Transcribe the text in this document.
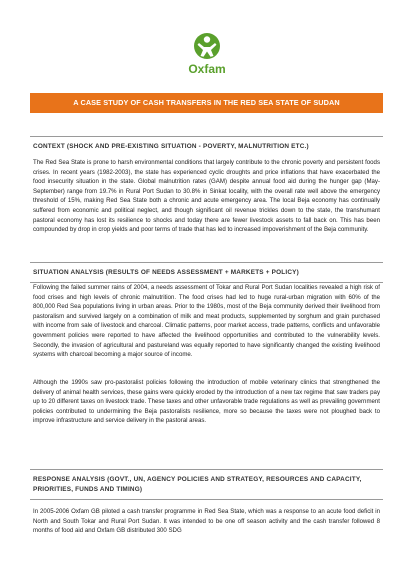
Oxfam
A CASE STUDY OF CASH TRANSFERS IN THE RED SEA STATE OF SUDAN
CONTEXT (SHOCK AND PRE-EXISTING SITUATION - POVERTY, MALNUTRITION ETC.)

The Red Sea State is prone to harsh environmental conditions that largely contribute to the chronic poverty and persistent foods crises. In recent years (1982-2003), the state has experienced cyclic droughts and price inflations that have exacerbated the food insecurity situation in the state. Global malnutrition rates (GAM) despite annual food aid during the hunger gap (May- September) range from 19.7% in Rural Port Sudan to 30.8% in Sinkat locality, with the overall rate well above the emergency threshold of 15%, making Red Sea State both a chronic and acute emergency area. The local Beja economy has continually suffered from economic and political neglect, and though significant oil revenue trickles down to the state, the transhumant pastoral economy has lost its resilience to shocks and today there are fewer livestock assets to fall back on. This has been compounded by drop in crop yields and poor terms of trade that has led to increased impoverishment of the Beja community.

SITUATION ANALYSIS (RESULTS OF NEEDS ASSESSMENT + MARKETS + POLICY)

Following the failed summer rains of 2004, a needs assessment of Tokar and Rural Port Sudan localities revealed a high risk of food crises and high levels of chronic malnutrition. The food crises had led to huge rural-urban migration with 60% of the 800,000 Red Sea populations living in urban areas. Prior to the 1980s, most of the Beja community derived their livelihood from pastoralism and survived largely on a combination of milk and meat products, supplemented by sorghum and grain purchased with income from sale of livestock and charcoal. Climatic patterns, poor market access, trade patterns, conflicts and unfavorable government policies were reported to have affected the livelihood opportunities and contributed to the vulnerability levels. Secondly, the invasion of agricultural and pastureland was equally reported to have significantly changed the existing livelihood systems with charcoal becoming a major source of income.

Although the 1990s saw pro-pastoralist policies following the introduction of mobile veterinary clinics that strengthened the delivery of animal health services, these gains were quickly eroded by the introduction of a new tax regime that saw traders pay up to 20 different taxes on livestock trade. These taxes and other unfavorable trade regulations as well as prevailing government policies contributed to undermining the Beja pastoralists resilience, more so because the taxes were not ploughed back to improve infrastructure and service delivery in the pastoral areas.

RESPONSE ANALYSIS (GOVT., UN, AGENCY POLICIES AND STRATEGY, RESOURCES AND CAPACITY, PRIORITIES, FUNDS AND TIMING)

In 2005-2006 Oxfam GB piloted a cash transfer programme in Red Sea State, which was a response to an acute food deficit in North and South Tokar and Rural Port Sudan. It was intended to be one off season activity and the cash transfer followed 8 months of food aid and Oxfam GB distributed 300 SDG
